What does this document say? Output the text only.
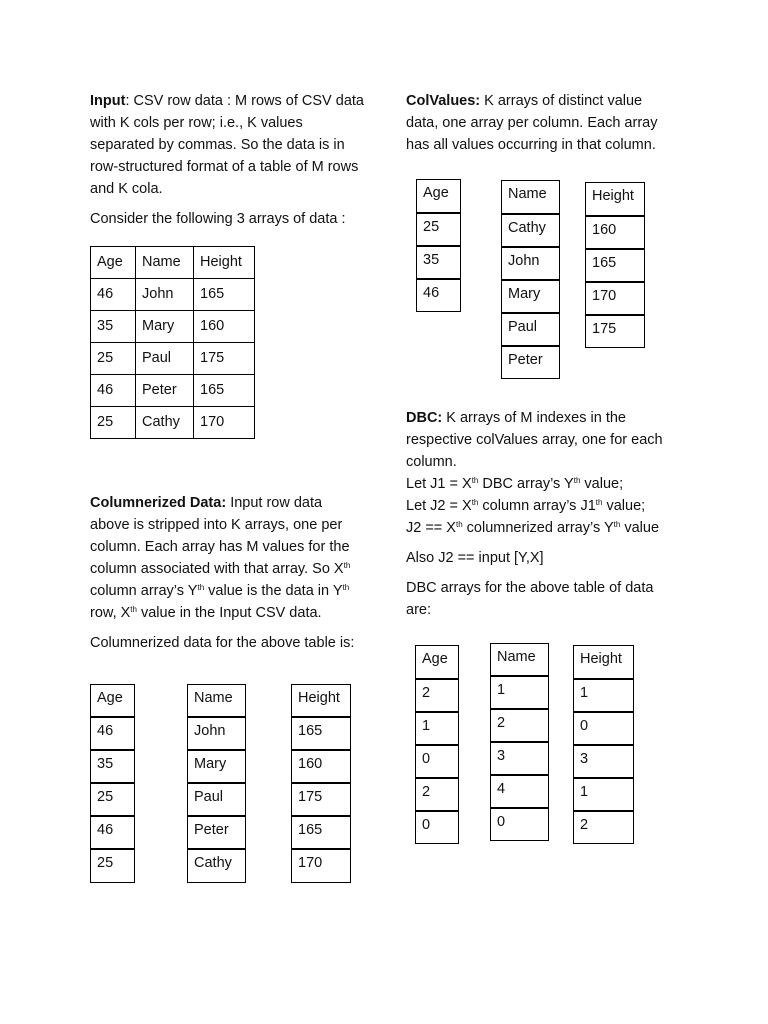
Input: CSV row data : M rows of CSV data with K cols per row; i.e., K values separated by commas. So the data is in row-structured format of a table of M rows and K cola.

Consider the following 3 arrays of data :

Age	Name	Height
46	John	165
35	Mary	160
25	Paul	175
46	Peter	165
25	Cathy	170

Columnerized Data: Input row data above is stripped into K arrays, one per column. Each array has M values for the column associated with that array. So Xth column array’s $Y^{th}$ value is the data in $Y^{th}$ row, Xth value in the Input CSV data.

Columnerized data for the above table is:

Age
46
35
25
46
25
Name
John
Mary
Paul
Peter
Cathy
Height
165
160
175
165
170

ColValues: K arrays of distinct value data, one array per column. Each array has all values occurring in that column.

Age
25
35
46
Name
Cathy
John
Mary
Paul
Peter
Height
160
165
170
175

DBC: K arrays of M indexes in the respective colValues array, one for each column.

Let J1 = Xth DBC array’s $Y^{th}$ value;

Let J2 = Xth column array’s J1th value;

J2 == Xth columnerized array’s $Y^{th}$ value

Also J2 == input [Y,X]

DBC arrays for the above table of data are:

Age
2
1
0
2
0
Name
1
2
3
4
0
Height
1
0
3
1
2
